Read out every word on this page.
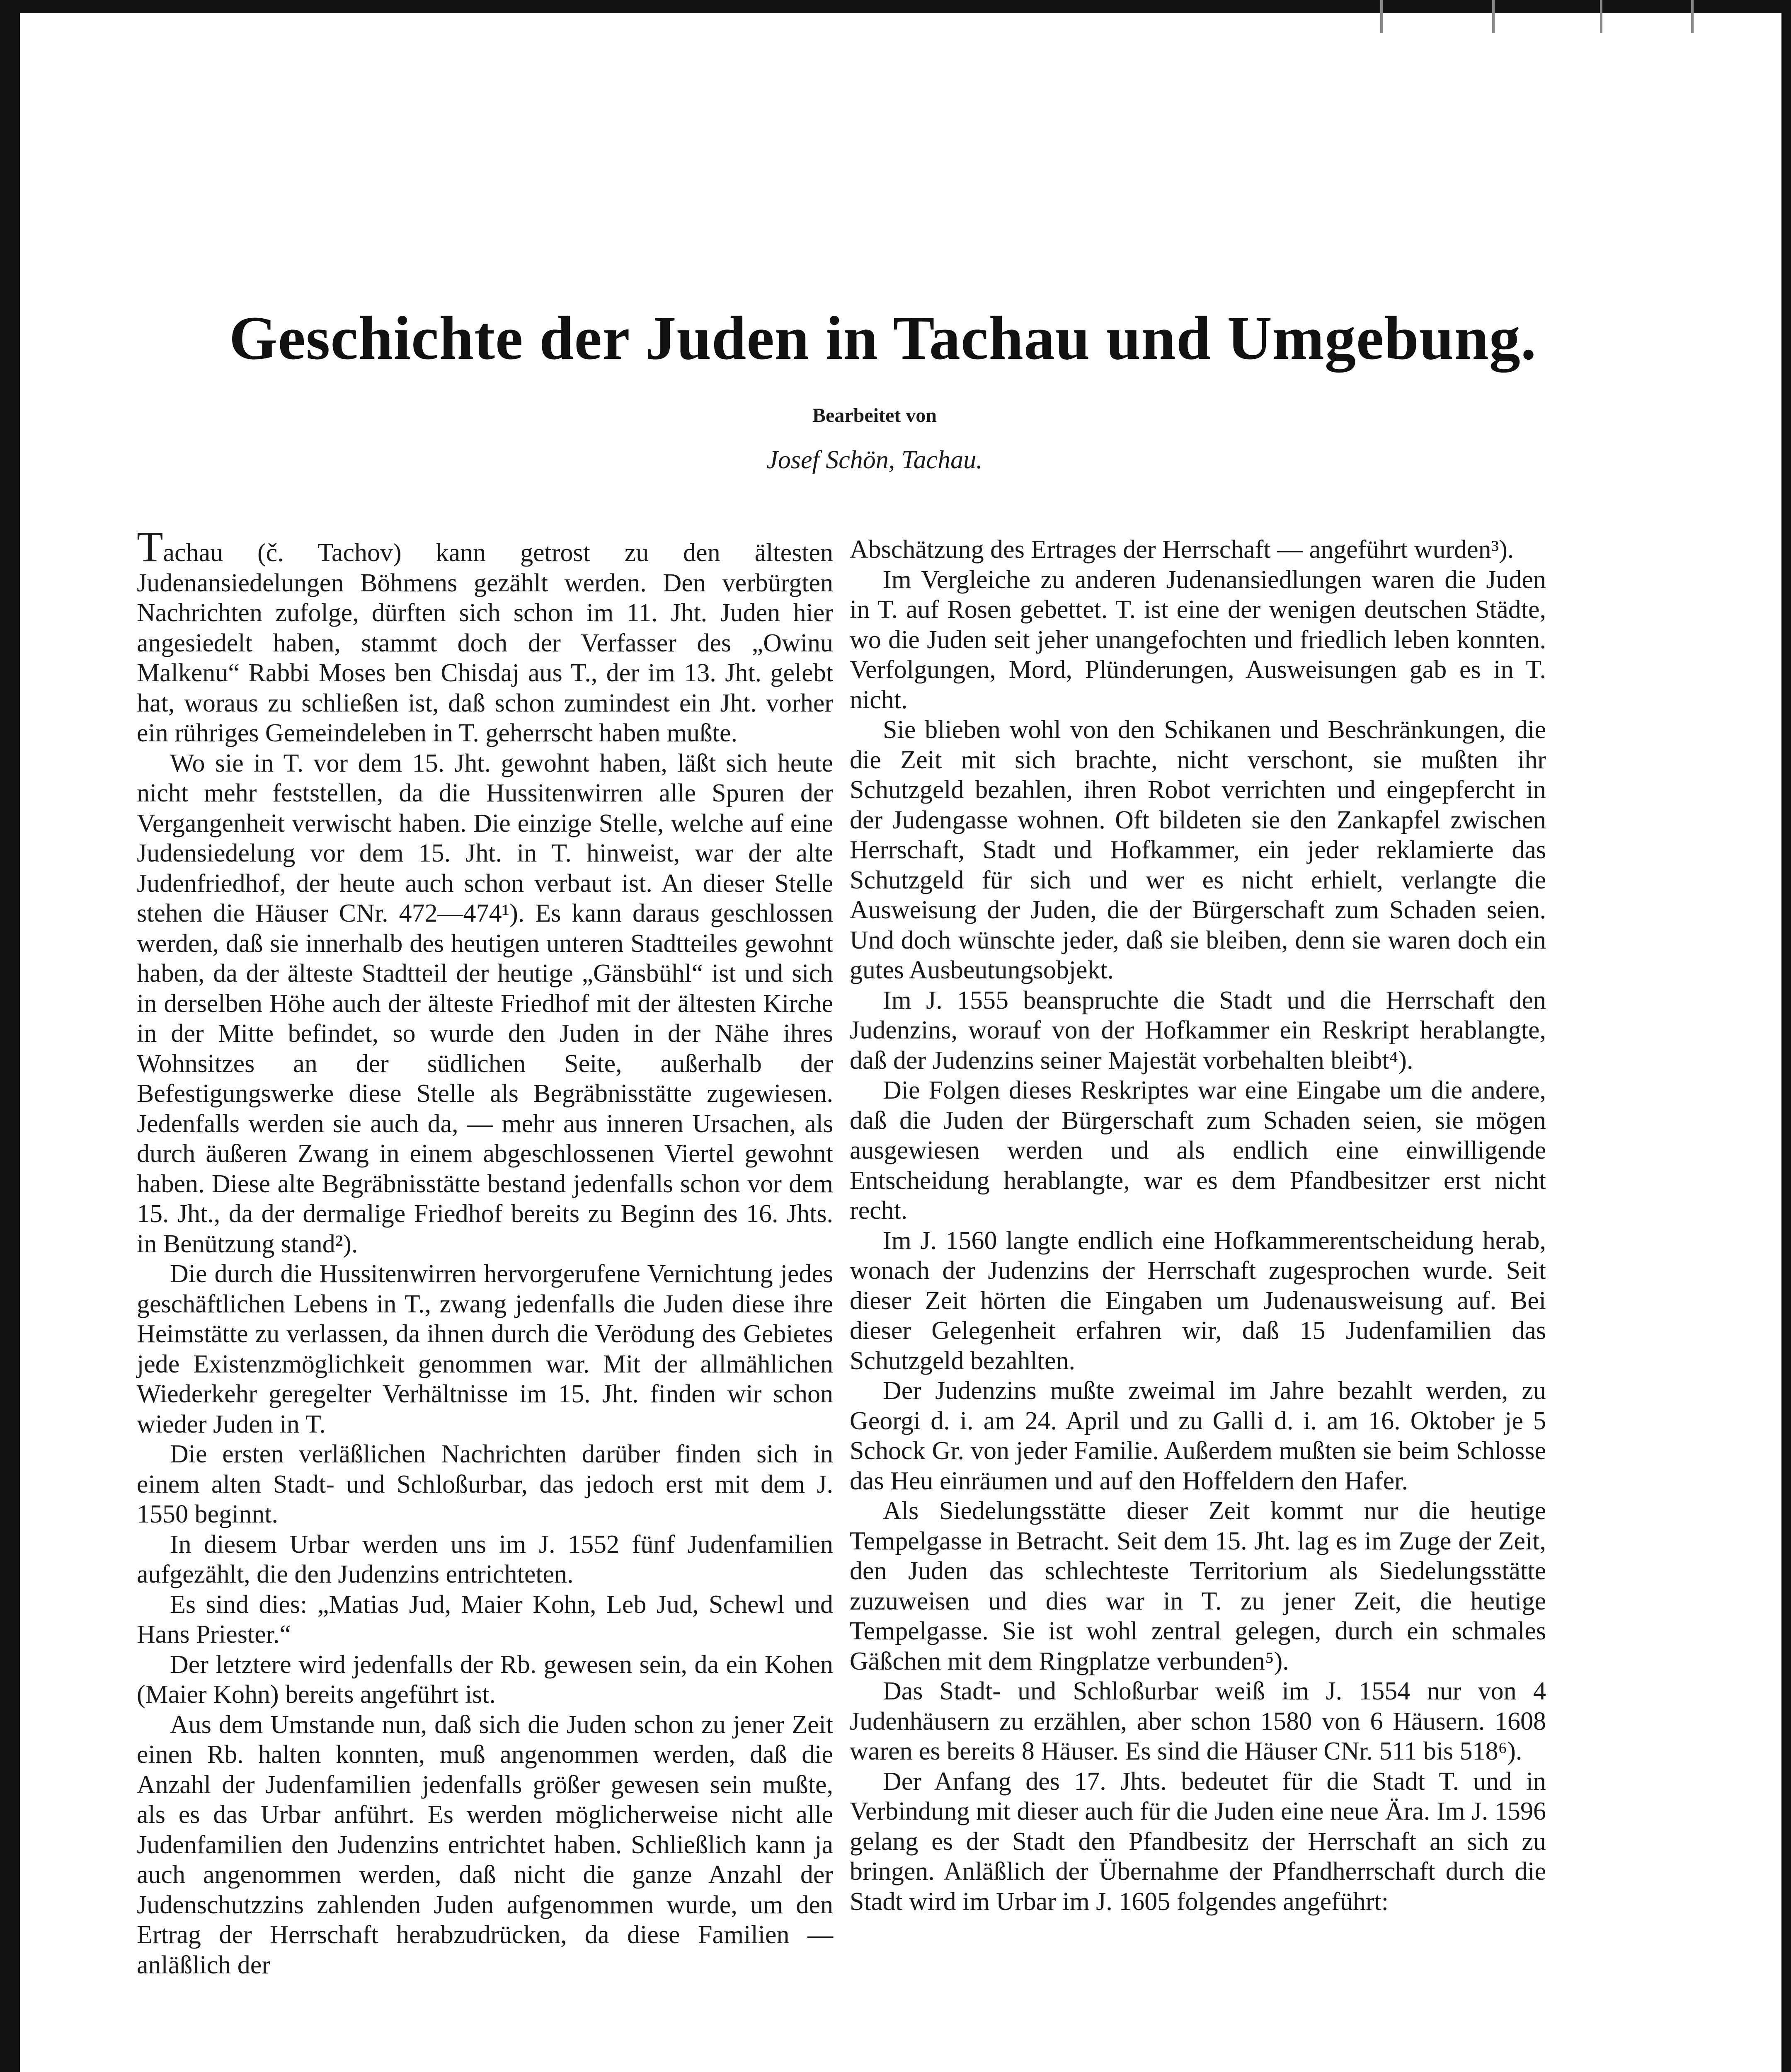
Geschichte der Juden in Tachau und Umgebung.
Bearbeitet von
Josef Schön, Tachau.

Tachau (č. Tachov) kann getrost zu den ältesten Judenansiedelungen Böhmens gezählt werden. Den verbürgten Nachrichten zufolge, dürften sich schon im 11. Jht. Juden hier angesiedelt haben, stammt doch der Verfasser des „Owinu Malkenu“ Rabbi Moses ben Chisdaj aus T., der im 13. Jht. gelebt hat, woraus zu schließen ist, daß schon zumindest ein Jht. vorher ein rühriges Gemeindeleben in T. geherrscht haben mußte.

Wo sie in T. vor dem 15. Jht. gewohnt haben, läßt sich heute nicht mehr feststellen, da die Hussitenwirren alle Spuren der Vergangenheit verwischt haben. Die einzige Stelle, welche auf eine Judensiedelung vor dem 15. Jht. in T. hinweist, war der alte Judenfriedhof, der heute auch schon verbaut ist. An dieser Stelle stehen die Häuser CNr. 472—474¹). Es kann daraus geschlossen werden, daß sie innerhalb des heutigen unteren Stadtteiles gewohnt haben, da der älteste Stadtteil der heutige „Gänsbühl“ ist und sich in derselben Höhe auch der älteste Friedhof mit der ältesten Kirche in der Mitte befindet, so wurde den Juden in der Nähe ihres Wohnsitzes an der südlichen Seite, außerhalb der Befestigungswerke diese Stelle als Begräbnisstätte zugewiesen. Jedenfalls werden sie auch da, — mehr aus inneren Ursachen, als durch äußeren Zwang in einem abgeschlossenen Viertel gewohnt haben. Diese alte Begräbnisstätte bestand jedenfalls schon vor dem 15. Jht., da der dermalige Friedhof bereits zu Beginn des 16. Jhts. in Benützung stand²).

Die durch die Hussitenwirren hervorgerufene Vernichtung jedes geschäftlichen Lebens in T., zwang jedenfalls die Juden diese ihre Heimstätte zu verlassen, da ihnen durch die Verödung des Gebietes jede Existenzmöglichkeit genommen war. Mit der allmählichen Wiederkehr geregelter Verhältnisse im 15. Jht. finden wir schon wieder Juden in T.

Die ersten verläßlichen Nachrichten darüber finden sich in einem alten Stadt- und Schloßurbar, das jedoch erst mit dem J. 1550 beginnt.

In diesem Urbar werden uns im J. 1552 fünf Judenfamilien aufgezählt, die den Judenzins entrichteten.

Es sind dies: „Matias Jud, Maier Kohn, Leb Jud, Schewl und Hans Priester.“

Der letztere wird jedenfalls der Rb. gewesen sein, da ein Kohen (Maier Kohn) bereits angeführt ist.

Aus dem Umstande nun, daß sich die Juden schon zu jener Zeit einen Rb. halten konnten, muß angenommen werden, daß die Anzahl der Judenfamilien jedenfalls größer gewesen sein mußte, als es das Urbar anführt. Es werden möglicherweise nicht alle Judenfamilien den Judenzins entrichtet haben. Schließlich kann ja auch angenommen werden, daß nicht die ganze Anzahl der Judenschutzzins zahlenden Juden aufgenommen wurde, um den Ertrag der Herrschaft herabzudrücken, da diese Familien — anläßlich der

Abschätzung des Ertrages der Herrschaft — angeführt wurden³).

Im Vergleiche zu anderen Judenansiedlungen waren die Juden in T. auf Rosen gebettet. T. ist eine der wenigen deutschen Städte, wo die Juden seit jeher unangefochten und friedlich leben konnten. Verfolgungen, Mord, Plünderungen, Ausweisungen gab es in T. nicht.

Sie blieben wohl von den Schikanen und Beschränkungen, die die Zeit mit sich brachte, nicht verschont, sie mußten ihr Schutzgeld bezahlen, ihren Robot verrichten und eingepfercht in der Judengasse wohnen. Oft bildeten sie den Zankapfel zwischen Herrschaft, Stadt und Hofkammer, ein jeder reklamierte das Schutzgeld für sich und wer es nicht erhielt, verlangte die Ausweisung der Juden, die der Bürgerschaft zum Schaden seien. Und doch wünschte jeder, daß sie bleiben, denn sie waren doch ein gutes Ausbeutungsobjekt.

Im J. 1555 beanspruchte die Stadt und die Herrschaft den Judenzins, worauf von der Hofkammer ein Reskript herablangte, daß der Judenzins seiner Majestät vorbehalten bleibt⁴).

Die Folgen dieses Reskriptes war eine Eingabe um die andere, daß die Juden der Bürgerschaft zum Schaden seien, sie mögen ausgewiesen werden und als endlich eine einwilligende Entscheidung herablangte, war es dem Pfandbesitzer erst nicht recht.

Im J. 1560 langte endlich eine Hofkammerentscheidung herab, wonach der Judenzins der Herrschaft zugesprochen wurde. Seit dieser Zeit hörten die Eingaben um Judenausweisung auf. Bei dieser Gelegenheit erfahren wir, daß 15 Judenfamilien das Schutzgeld bezahlten.

Der Judenzins mußte zweimal im Jahre bezahlt werden, zu Georgi d. i. am 24. April und zu Galli d. i. am 16. Oktober je 5 Schock Gr. von jeder Familie. Außerdem mußten sie beim Schlosse das Heu einräumen und auf den Hoffeldern den Hafer.

Als Siedelungsstätte dieser Zeit kommt nur die heutige Tempelgasse in Betracht. Seit dem 15. Jht. lag es im Zuge der Zeit, den Juden das schlechteste Territorium als Siedelungsstätte zuzuweisen und dies war in T. zu jener Zeit, die heutige Tempelgasse. Sie ist wohl zentral gelegen, durch ein schmales Gäßchen mit dem Ringplatze verbunden⁵).

Das Stadt- und Schloßurbar weiß im J. 1554 nur von 4 Judenhäusern zu erzählen, aber schon 1580 von 6 Häusern. 1608 waren es bereits 8 Häuser. Es sind die Häuser CNr. 511 bis 518⁶).

Der Anfang des 17. Jhts. bedeutet für die Stadt T. und in Verbindung mit dieser auch für die Juden eine neue Ära. Im J. 1596 gelang es der Stadt den Pfandbesitz der Herrschaft an sich zu bringen. Anläßlich der Übernahme der Pfandherrschaft durch die Stadt wird im Urbar im J. 1605 folgendes angeführt:
